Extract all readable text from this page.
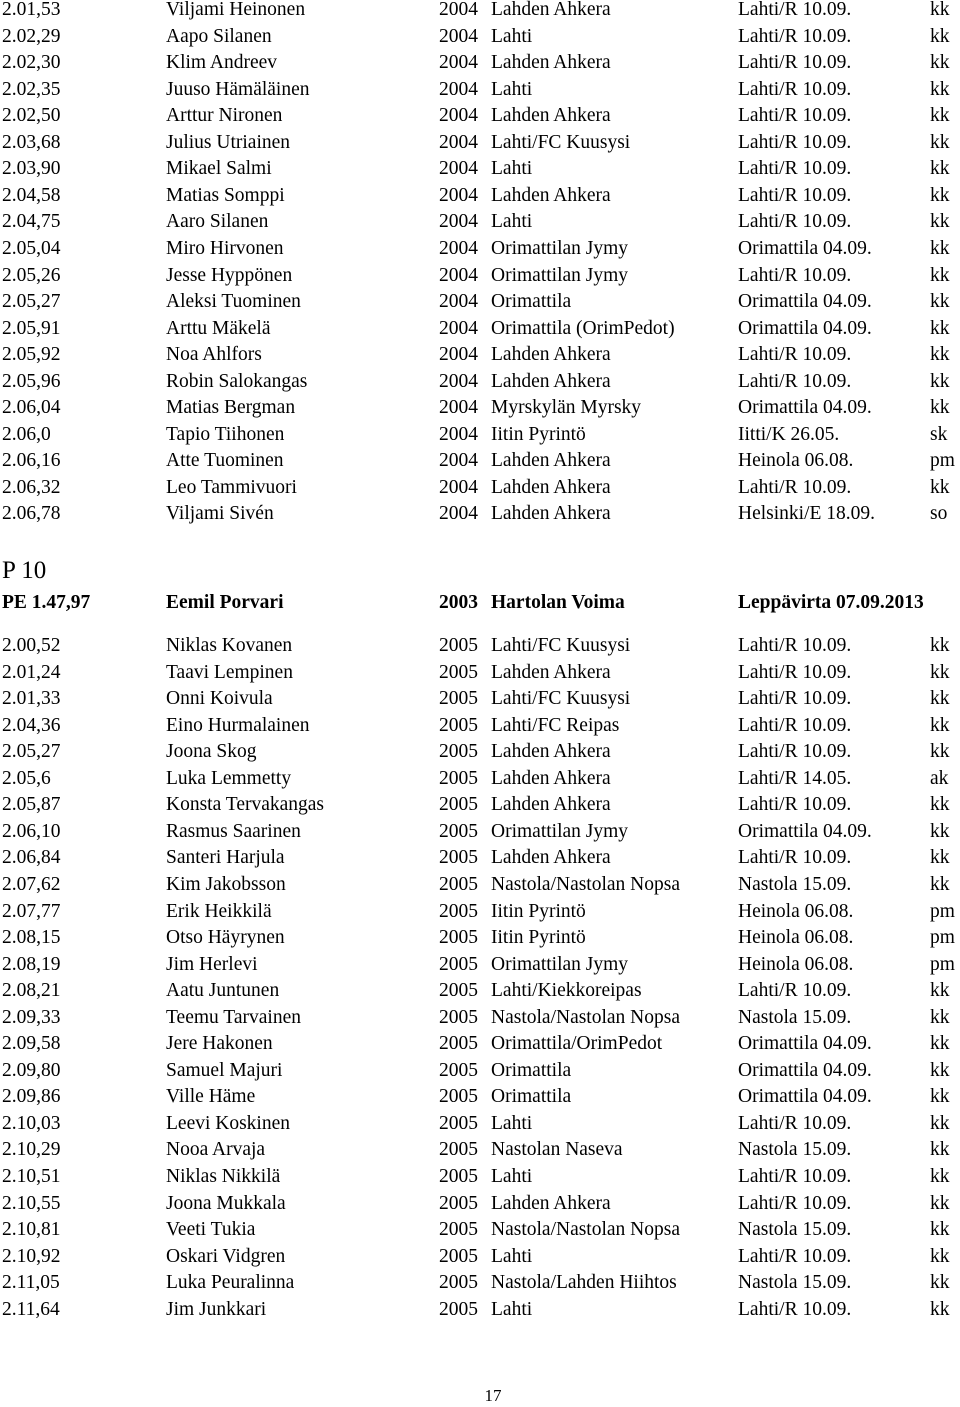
2.01,53	Viljami Heinonen	2004 Lahden Ahkera	Lahti/R 10.09.	kk
2.02,29	Aapo Silanen	2004 Lahti	Lahti/R 10.09.	kk
2.02,30	Klim Andreev	2004 Lahden Ahkera	Lahti/R 10.09.	kk
2.02,35	Juuso Hämäläinen	2004 Lahti	Lahti/R 10.09.	kk
2.02,50	Arttur Nironen	2004 Lahden Ahkera	Lahti/R 10.09.	kk
2.03,68	Julius Utriainen	2004 Lahti/FC Kuusysi	Lahti/R 10.09.	kk
2.03,90	Mikael Salmi	2004 Lahti	Lahti/R 10.09.	kk
2.04,58	Matias Somppi	2004 Lahden Ahkera	Lahti/R 10.09.	kk
2.04,75	Aaro Silanen	2004 Lahti	Lahti/R 10.09.	kk
2.05,04	Miro Hirvonen	2004 Orimattilan Jymy	Orimattila 04.09.	kk
2.05,26	Jesse Hyppönen	2004 Orimattilan Jymy	Lahti/R 10.09.	kk
2.05,27	Aleksi Tuominen	2004 Orimattila	Orimattila 04.09.	kk
2.05,91	Arttu Mäkelä	2004 Orimattila (OrimPedot)	Orimattila 04.09.	kk
2.05,92	Noa Ahlfors	2004 Lahden Ahkera	Lahti/R 10.09.	kk
2.05,96	Robin Salokangas	2004 Lahden Ahkera	Lahti/R 10.09.	kk
2.06,04	Matias Bergman	2004 Myrskylän Myrsky	Orimattila 04.09.	kk
2.06,0	Tapio Tiihonen	2004 Iitin Pyrintö	Iitti/K 26.05.	sk
2.06,16	Atte Tuominen	2004 Lahden Ahkera	Heinola 06.08.	pm
2.06,32	Leo Tammivuori	2004 Lahden Ahkera	Lahti/R 10.09.	kk
2.06,78	Viljami Sivén	2004 Lahden Ahkera	Helsinki/E 18.09.	so
P 10
PE 1.47,97	Eemil Porvari	2003 Hartolan Voima	Leppävirta 07.09.2013
2.00,52	Niklas Kovanen	2005 Lahti/FC Kuusysi	Lahti/R 10.09.	kk
2.01,24	Taavi Lempinen	2005 Lahden Ahkera	Lahti/R 10.09.	kk
2.01,33	Onni Koivula	2005 Lahti/FC Kuusysi	Lahti/R 10.09.	kk
2.04,36	Eino Hurmalainen	2005 Lahti/FC Reipas	Lahti/R 10.09.	kk
2.05,27	Joona Skog	2005 Lahden Ahkera	Lahti/R 10.09.	kk
2.05,6	Luka Lemmetty	2005 Lahden Ahkera	Lahti/R 14.05.	ak
2.05,87	Konsta Tervakangas	2005 Lahden Ahkera	Lahti/R 10.09.	kk
2.06,10	Rasmus Saarinen	2005 Orimattilan Jymy	Orimattila 04.09.	kk
2.06,84	Santeri Harjula	2005 Lahden Ahkera	Lahti/R 10.09.	kk
2.07,62	Kim Jakobsson	2005 Nastola/Nastolan Nopsa	Nastola 15.09.	kk
2.07,77	Erik Heikkilä	2005 Iitin Pyrintö	Heinola 06.08.	pm
2.08,15	Otso Häyrynen	2005 Iitin Pyrintö	Heinola 06.08.	pm
2.08,19	Jim Herlevi	2005 Orimattilan Jymy	Heinola 06.08.	pm
2.08,21	Aatu Juntunen	2005 Lahti/Kiekkoreipas	Lahti/R 10.09.	kk
2.09,33	Teemu Tarvainen	2005 Nastola/Nastolan Nopsa	Nastola 15.09.	kk
2.09,58	Jere Hakonen	2005 Orimattila/OrimPedot	Orimattila 04.09.	kk
2.09,80	Samuel Majuri	2005 Orimattila	Orimattila 04.09.	kk
2.09,86	Ville Häme	2005 Orimattila	Orimattila 04.09.	kk
2.10,03	Leevi Koskinen	2005 Lahti	Lahti/R 10.09.	kk
2.10,29	Nooa Arvaja	2005 Nastolan Naseva	Nastola 15.09.	kk
2.10,51	Niklas Nikkilä	2005 Lahti	Lahti/R 10.09.	kk
2.10,55	Joona Mukkala	2005 Lahden Ahkera	Lahti/R 10.09.	kk
2.10,81	Veeti Tukia	2005 Nastola/Nastolan Nopsa	Nastola 15.09.	kk
2.10,92	Oskari Vidgren	2005 Lahti	Lahti/R 10.09.	kk
2.11,05	Luka Peuralinna	2005 Nastola/Lahden Hiihtos	Nastola 15.09.	kk
2.11,64	Jim Junkkari	2005 Lahti	Lahti/R 10.09.	kk
17
